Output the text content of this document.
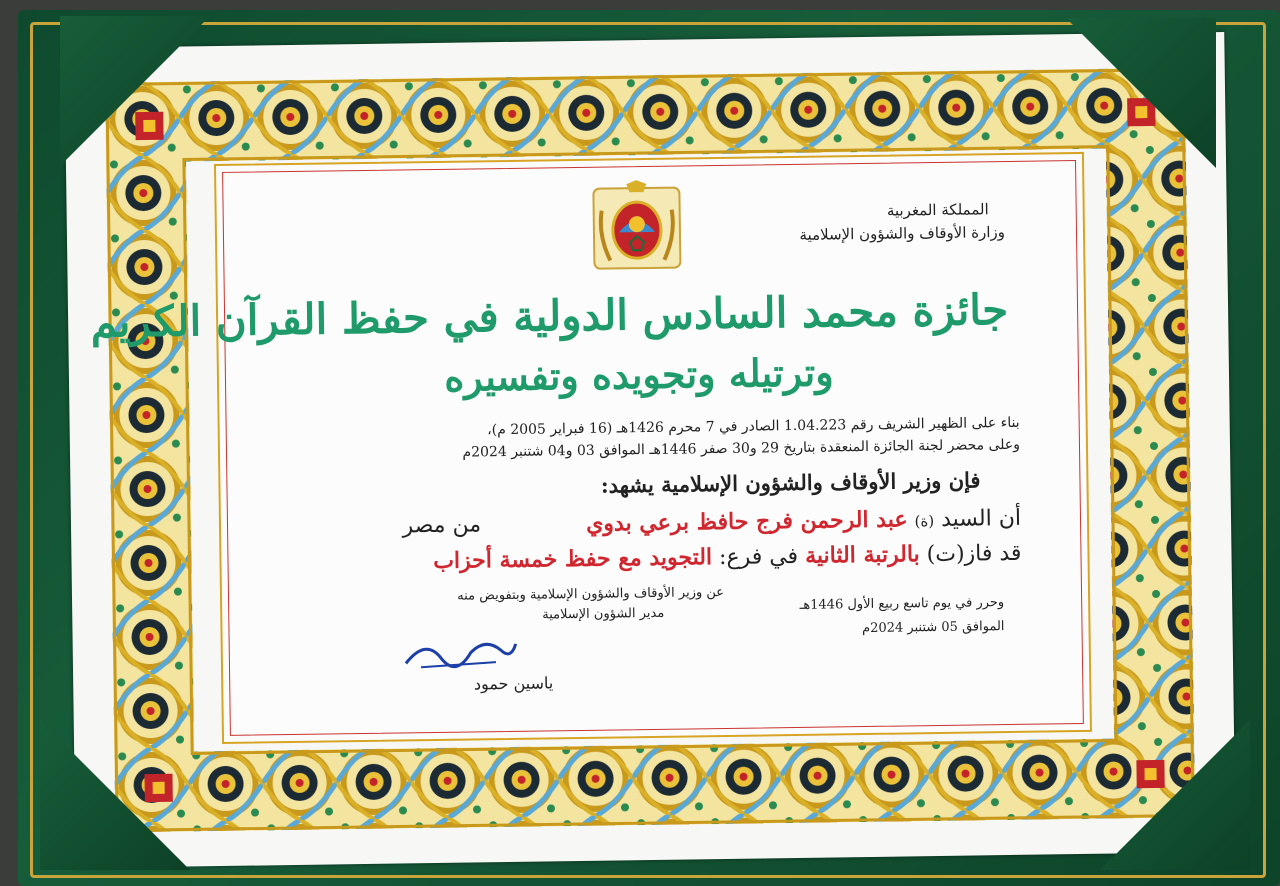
المملكة المغربية
وزارة الأوقاف والشؤون الإسلامية
جائزة محمد السادس الدولية في حفظ القرآن الكريم
وترتيله وتجويده وتفسيره
بناء على الظهير الشريف رقم 1.04.223 الصادر في 7 محرم 1426هـ (16 فبراير 2005 م)،
وعلى محضر لجنة الجائزة المنعقدة بتاريخ 29 و30 صفر 1446هـ الموافق 03 و04 شتنبر 2024م
فإن وزير الأوقاف والشؤون الإسلامية يشهد:
أن السيد (ة) عبد الرحمن فرج حافظ برعي بدوي
من مصر
قد فاز(ت) بالرتبة الثانية في فرع: التجويد مع حفظ خمسة أحزاب
وحرر في يوم تاسع ربيع الأول 1446هـ
الموافق 05 شتنبر 2024م
عن وزير الأوقاف والشؤون الإسلامية وبتفويض منه
مدير الشؤون الإسلامية
ياسين حمود
